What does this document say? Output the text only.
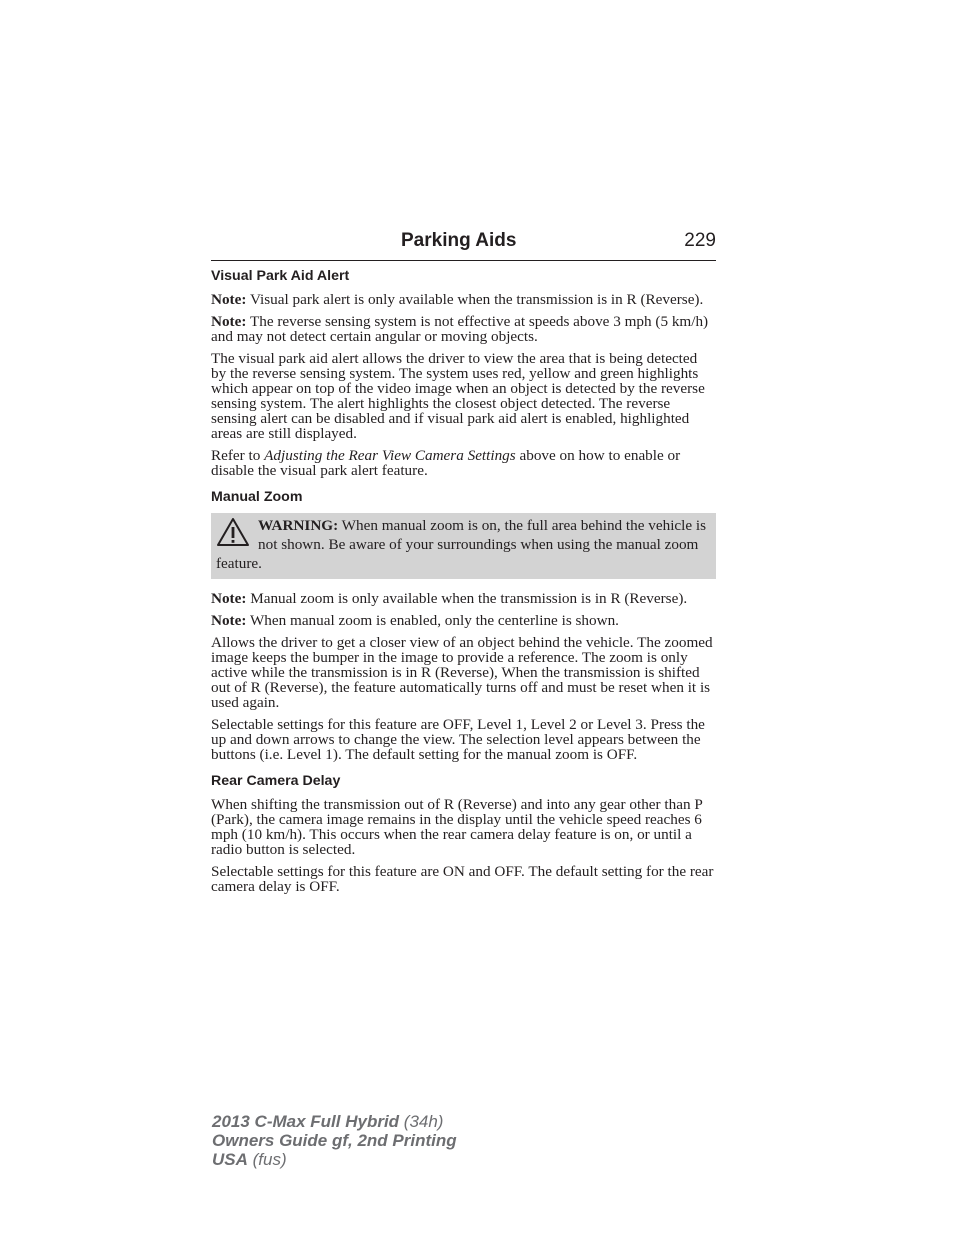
Parking Aids	229
Visual Park Aid Alert

Note: Visual park alert is only available when the transmission is in R (Reverse).

Note: The reverse sensing system is not effective at speeds above 3 mph (5 km/h) and may not detect certain angular or moving objects.

The visual park aid alert allows the driver to view the area that is being detected by the reverse sensing system. The system uses red, yellow and green highlights which appear on top of the video image when an object is detected by the reverse sensing system. The alert highlights the closest object detected. The reverse sensing alert can be disabled and if visual park aid alert is enabled, highlighted areas are still displayed.

Refer to Adjusting the Rear View Camera Settings above on how to enable or disable the visual park alert feature.

Manual Zoom
WARNING: When manual zoom is on, the full area behind the vehicle is not shown. Be aware of your surroundings when using the manual zoom feature.

Note: Manual zoom is only available when the transmission is in R (Reverse).

Note: When manual zoom is enabled, only the centerline is shown.

Allows the driver to get a closer view of an object behind the vehicle. The zoomed image keeps the bumper in the image to provide a reference. The zoom is only active while the transmission is in R (Reverse), When the transmission is shifted out of R (Reverse), the feature automatically turns off and must be reset when it is used again.

Selectable settings for this feature are OFF, Level 1, Level 2 or Level 3. Press the up and down arrows to change the view. The selection level appears between the buttons (i.e. Level 1). The default setting for the manual zoom is OFF.

Rear Camera Delay

When shifting the transmission out of R (Reverse) and into any gear other than P (Park), the camera image remains in the display until the vehicle speed reaches 6 mph (10 km/h). This occurs when the rear camera delay feature is on, or until a radio button is selected.

Selectable settings for this feature are ON and OFF. The default setting for the rear camera delay is OFF.

2013 C-Max Full Hybrid (34h)
Owners Guide gf, 2nd Printing
USA (fus)
